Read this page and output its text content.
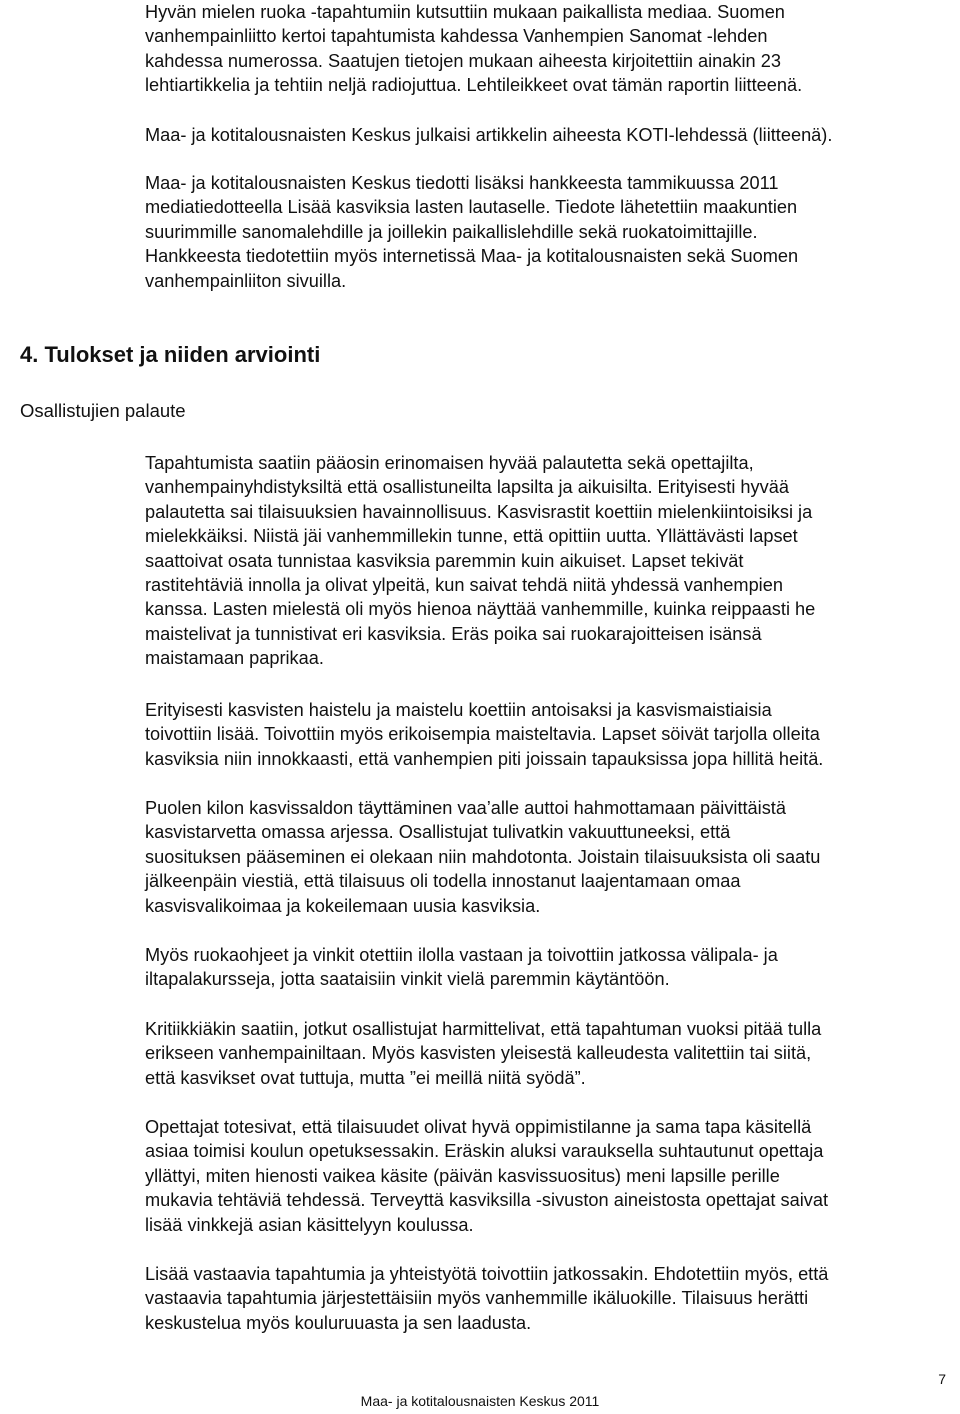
Hyvän mielen ruoka -tapahtumiin kutsuttiin mukaan paikallista mediaa. Suomen
vanhempainliitto kertoi tapahtumista kahdessa Vanhempien Sanomat -lehden
kahdessa numerossa. Saatujen tietojen mukaan aiheesta kirjoitettiin ainakin 23
lehtiartikkelia ja tehtiin neljä radiojuttua. Lehtileikkeet ovat tämän raportin liitteenä.

Maa- ja kotitalousnaisten Keskus julkaisi artikkelin aiheesta KOTI-lehdessä (liitteenä).

Maa- ja kotitalousnaisten Keskus tiedotti lisäksi hankkeesta tammikuussa 2011
mediatiedotteella Lisää kasviksia lasten lautaselle. Tiedote lähetettiin maakuntien
suurimmille sanomalehdille ja joillekin paikallislehdille sekä ruokatoimittajille.
Hankkeesta tiedotettiin myös internetissä Maa- ja kotitalousnaisten sekä Suomen
vanhempainliiton sivuilla.

4. Tulokset ja niiden arviointi
Osallistujien palaute

Tapahtumista saatiin pääosin erinomaisen hyvää palautetta sekä opettajilta,
vanhempainyhdistyksiltä että osallistuneilta lapsilta ja aikuisilta. Erityisesti hyvää
palautetta sai tilaisuuksien havainnollisuus. Kasvisrastit koettiin mielenkiintoisiksi ja
mielekkäiksi. Niistä jäi vanhemmillekin tunne, että opittiin uutta. Yllättävästi lapset
saattoivat osata tunnistaa kasviksia paremmin kuin aikuiset. Lapset tekivät
rastitehtäviä innolla ja olivat ylpeitä, kun saivat tehdä niitä yhdessä vanhempien
kanssa. Lasten mielestä oli myös hienoa näyttää vanhemmille, kuinka reippaasti he
maistelivat ja tunnistivat eri kasviksia. Eräs poika sai ruokarajoitteisen isänsä
maistamaan paprikaa.

Erityisesti kasvisten haistelu ja maistelu koettiin antoisaksi ja kasvismaistiaisia
toivottiin lisää. Toivottiin myös erikoisempia maisteltavia. Lapset söivät tarjolla olleita
kasviksia niin innokkaasti, että vanhempien piti joissain tapauksissa jopa hillitä heitä.

Puolen kilon kasvissaldon täyttäminen vaa’alle auttoi hahmottamaan päivittäistä
kasvistarvetta omassa arjessa. Osallistujat tulivatkin vakuuttuneeksi, että
suosituksen pääseminen ei olekaan niin mahdotonta. Joistain tilaisuuksista oli saatu
jälkeenpäin viestiä, että tilaisuus oli todella innostanut laajentamaan omaa
kasvisvalikoimaa ja kokeilemaan uusia kasviksia.

Myös ruokaohjeet ja vinkit otettiin ilolla vastaan ja toivottiin jatkossa välipala- ja
iltapalakursseja, jotta saataisiin vinkit vielä paremmin käytäntöön.

Kritiikkiäkin saatiin, jotkut osallistujat harmittelivat, että tapahtuman vuoksi pitää tulla
erikseen vanhempainiltaan. Myös kasvisten yleisestä kalleudesta valitettiin tai siitä,
että kasvikset ovat tuttuja, mutta ”ei meillä niitä syödä”.

Opettajat totesivat, että tilaisuudet olivat hyvä oppimistilanne ja sama tapa käsitellä
asiaa toimisi koulun opetuksessakin. Eräskin aluksi varauksella suhtautunut opettaja
yllättyi, miten hienosti vaikea käsite (päivän kasvissuositus) meni lapsille perille
mukavia tehtäviä tehdessä. Terveyttä kasviksilla -sivuston aineistosta opettajat saivat
lisää vinkkejä asian käsittelyyn koulussa.

Lisää vastaavia tapahtumia ja yhteistyötä toivottiin jatkossakin. Ehdotettiin myös, että
vastaavia tapahtumia järjestettäisiin myös vanhemmille ikäluokille. Tilaisuus herätti
keskustelua myös kouluruuasta ja sen laadusta.

Maa- ja kotitalousnaisten Keskus 2011
7
